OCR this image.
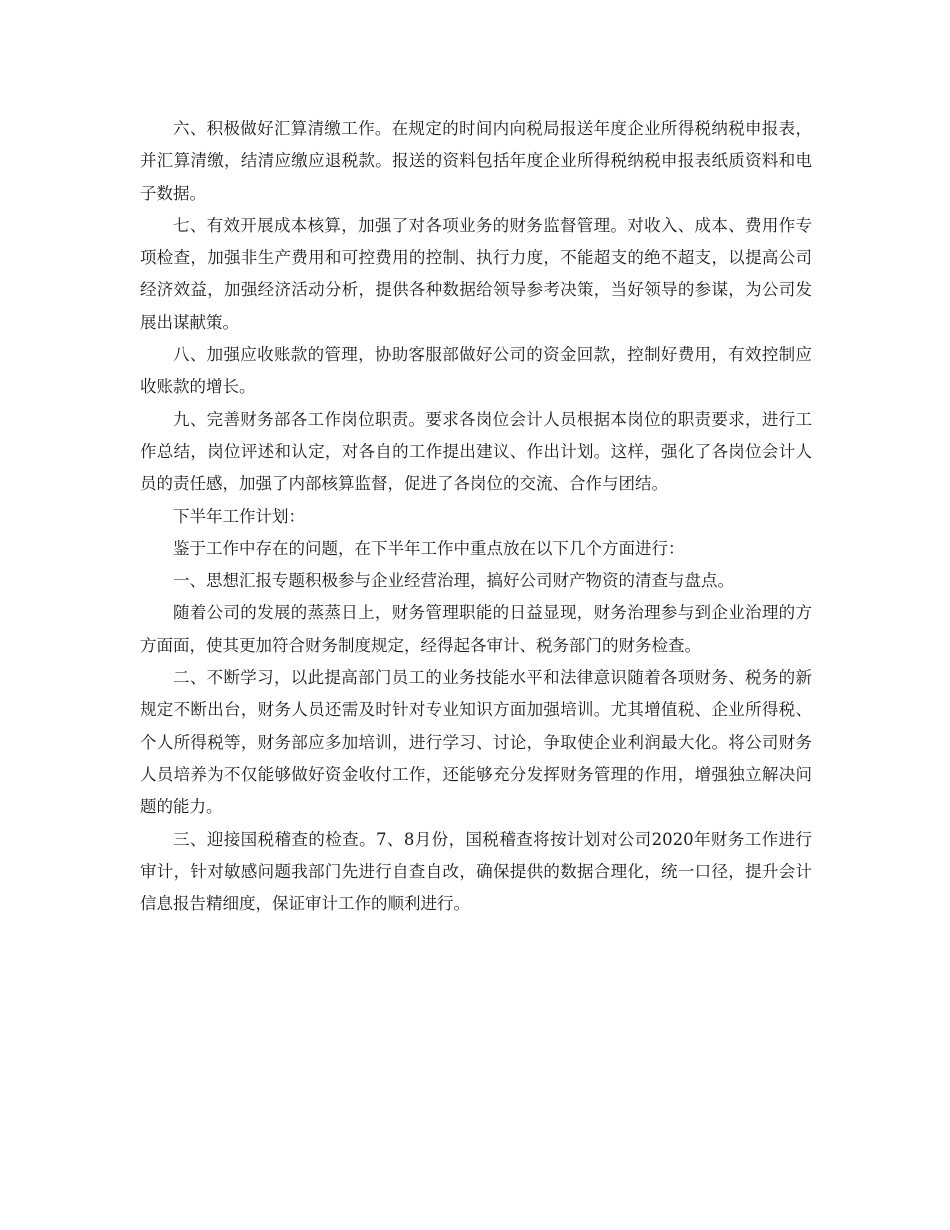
六、积极做好汇算清缴工作。在规定的时间内向税局报送年度企业所得税纳税申报表，并汇算清缴，结清应缴应退税款。报送的资料包括年度企业所得税纳税申报表纸质资料和电子数据。

七、有效开展成本核算，加强了对各项业务的财务监督管理。对收入、成本、费用作专项检查，加强非生产费用和可控费用的控制、执行力度，不能超支的绝不超支，以提高公司经济效益，加强经济活动分析，提供各种数据给领导参考决策，当好领导的参谋，为公司发展出谋献策。

八、加强应收账款的管理，协助客服部做好公司的资金回款，控制好费用，有效控制应收账款的增长。

九、完善财务部各工作岗位职责。要求各岗位会计人员根据本岗位的职责要求，进行工作总结，岗位评述和认定，对各自的工作提出建议、作出计划。这样，强化了各岗位会计人员的责任感，加强了内部核算监督，促进了各岗位的交流、合作与团结。

下半年工作计划：

鉴于工作中存在的问题，在下半年工作中重点放在以下几个方面进行：

一、思想汇报专题积极参与企业经营治理，搞好公司财产物资的清查与盘点。

随着公司的发展的蒸蒸日上，财务管理职能的日益显现，财务治理参与到企业治理的方方面面，使其更加符合财务制度规定，经得起各审计、税务部门的财务检查。

二、不断学习，以此提高部门员工的业务技能水平和法律意识随着各项财务、税务的新规定不断出台，财务人员还需及时针对专业知识方面加强培训。尤其增值税、企业所得税、个人所得税等，财务部应多加培训，进行学习、讨论，争取使企业利润最大化。将公司财务人员培养为不仅能够做好资金收付工作，还能够充分发挥财务管理的作用，增强独立解决问题的能力。

三、迎接国税稽查的检查。7、8月份，国税稽查将按计划对公司2020年财务工作进行审计，针对敏感问题我部门先进行自查自改，确保提供的数据合理化，统一口径，提升会计信息报告精细度，保证审计工作的顺利进行。
